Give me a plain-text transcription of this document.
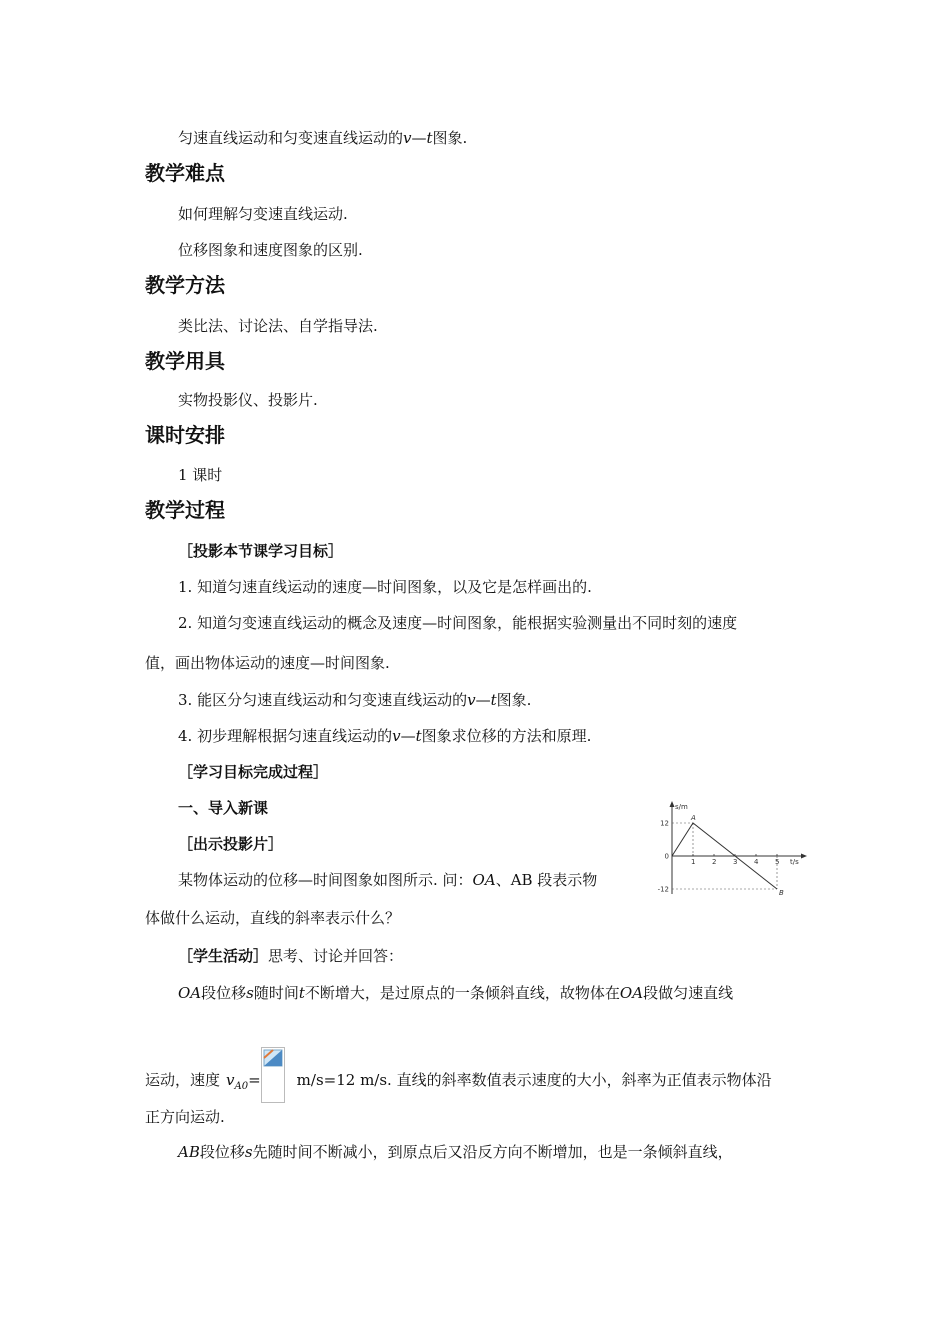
匀速直线运动和匀变速直线运动的v—t图象.
教学难点
如何理解匀变速直线运动.
位移图象和速度图象的区别.
教学方法
类比法、讨论法、自学指导法.
教学用具
实物投影仪、投影片.
课时安排
1 课时
教学过程
［投影本节课学习目标］
1. 知道匀速直线运动的速度—时间图象，以及它是怎样画出的.
2. 知道匀变速直线运动的概念及速度—时间图象，能根据实验测量出不同时刻的速度
值，画出物体运动的速度—时间图象.
3. 能区分匀速直线运动和匀变速直线运动的v—t图象.
4. 初步理解根据匀速直线运动的v—t图象求位移的方法和原理.
［学习目标完成过程］
一、导入新课
［出示投影片］
某物体运动的位移—时间图象如图所示. 问：OA、AB 段表示物
体做什么运动，直线的斜率表示什么？
［学生活动］思考、讨论并回答：
OA段位移s随时间t不断增大，是过原点的一条倾斜直线，故物体在OA段做匀速直线
运动，速度 $v_{A0}= m/s=12$ m/s. 直线的斜率数值表示速度的大小，斜率为正值表示物体沿
正方向运动.
AB段位移s先随时间不断减小，到原点后又沿反方向不断增加，也是一条倾斜直线，
s/m
t/s
1 2 3 4 5
12
0
-12
A
B
